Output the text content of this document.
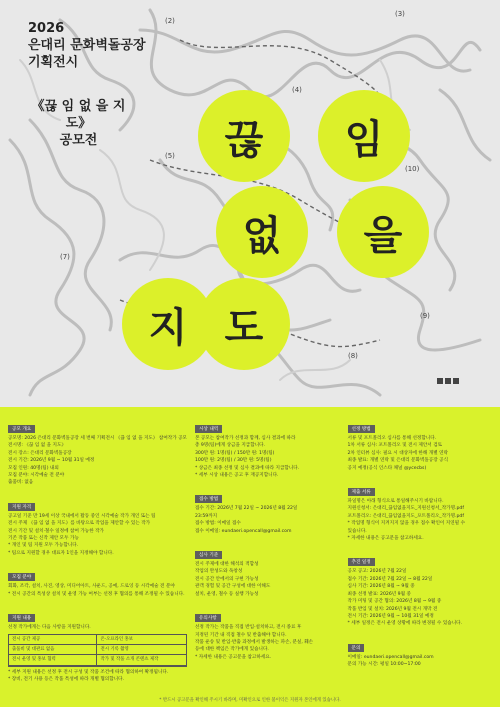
2026
은대리 문화벽돌공장
기획전시
《끊 임 없 을 지도》
공모전	끊	임
없	을
지 도
(2)
(3)
(4)
(5)
(10)
(7)
(8)
(9)
공모 개요
공모명: 2026 은대리 문화벽돌공장 세 번째 기획전시 《끊 임 없 을 지도》 참여작가 공모
전시명: 《끊 임 없 을 지도》
전시 장소: 은대리 문화벽돌공장
전시 기간: 2026년 9월 ~ 10월 31일 예정
모집 인원: 40명(팀) 내외
모집 분야: 시각예술 전 분야
출품비: 없음
지원 자격
공고일 기준 만 19세 이상 국내에서 활동 중인 시각예술 작가 개인 또는 팀
전시 주제 《끊 임 없 을 지도》를 바탕으로 작업을 제안할 수 있는 작가
전시 기간 및 설치·철수 일정에 참여 가능한 작가
기존 작품 또는 신작 제안 모두 가능
* 개인 및 팀 지원 모두 가능합니다.
* 팀으로 지원할 경우 대표자 1인을 지정해야 합니다.
모집 분야
회화, 조각, 설치, 사진, 영상, 미디어아트, 사운드, 공예, 드로잉 등 시각예술 전 분야
* 전시 공간의 특성상 설치 및 운영 가능 여부는 선정 후 협의를 통해 조정될 수 있습니다.
지원 내용
선정 작가에게는 다음 사항을 지원합니다.
전시 공간 제공	온·오프라인 홍보
출품비 및 대관료 없음	전시 기록 촬영
전시 운영 및 홍보 협력	작가 및 작품 소개 콘텐츠 제작
* 세부 지원 내용은 선정 후 전시 구성 및 작품 조건에 따라 협의하여 확정됩니다.
* 장비, 전기 사용 등은 작품 특성에 따라 개별 협의합니다.
시상 내역
본 공모는 참여작가 선정과 함께, 심사 결과에 따라
총 9명(팀)에게 상금을 지급합니다.
300만 원: 1명(팀) / 150만 원: 1명(팀)
100만 원: 2명(팀) / 30만 원: 5명(팀)
* 상금은 최종 선정 및 심사 결과에 따라 지급합니다.
* 세부 시상 내용은 공고 후 재공지합니다.
접수 방법
접수 기간: 2026년 7월 22일 ~ 2026년 8월 22일
23:59까지
접수 방법: 이메일 접수
접수 이메일: eundaeri.opencall@gmail.com
심사 기준
전시 주제에 대한 해석의 적합성
작업의 완성도와 독창성
전시 공간 안에서의 구현 가능성
관객 경험 및 공간 구성에 대한 이해도
설치, 운영, 철수 등 실행 가능성
유의사항
선정 작가는 작품을 직접 반입·설치하고, 전시 종료 후
지정된 기간 내 직접 철수 및 반출해야 합니다.
작품 운송 및 반입·반출 과정에서 발생하는 파손, 분실, 훼손
등에 대한 책임은 작가에게 있습니다.
* 자세한 내용은 공고문을 참고하세요.
선정 방법
서류 및 포트폴리오 심사를 통해 선정합니다.
1차 서류 심사: 포트폴리오 및 전시 제안서 검토
2차 인터뷰 심사: 필요 시 대상자에 한해 개별 연락
최종 발표: 개별 연락 및 은대리 문화벽돌공장 공식
공지 예정(공식 인스타 채널 @ycecbs)
제출 서류
파일명은 아래 형식으로 통일해주시기 바랍니다.
지원신청서: 은대리_끊임없을지도_지원신청서_작가명.pdf
포트폴리오: 은대리_끊임없을지도_포트폴리오_작가명.pdf
* 작업명 형식이 지켜지지 않을 경우 접수 확인이 지연될 수
있습니다.
* 자세한 내용은 공고문을 참고하세요.
추진 일정
공모 공고: 2026년 7월 22일
접수 기간: 2026년 7월 22일 ~ 8월 22일
심사 기간: 2026년 8월 ~ 9월 중
최종 선정 발표: 2026년 9월 중
작가 미팅 및 공간 협의: 2026년 8월 ~ 9월 중
작품 반입 및 설치: 2026년 9월 전시 개막 전
전시 기간: 2026년 9월 ~ 10월 31일 예정
* 세부 일정은 전시 운영 상황에 따라 변경될 수 있습니다.
문의
이메일: eundaeri.opencall@gmail.com
문의 가능 시간: 평일 10:00~17:00
* 반드시 공고문을 확인해 주시기 바라며, 미확인으로 인한 불이익은 지원자 본인에게 있습니다.
